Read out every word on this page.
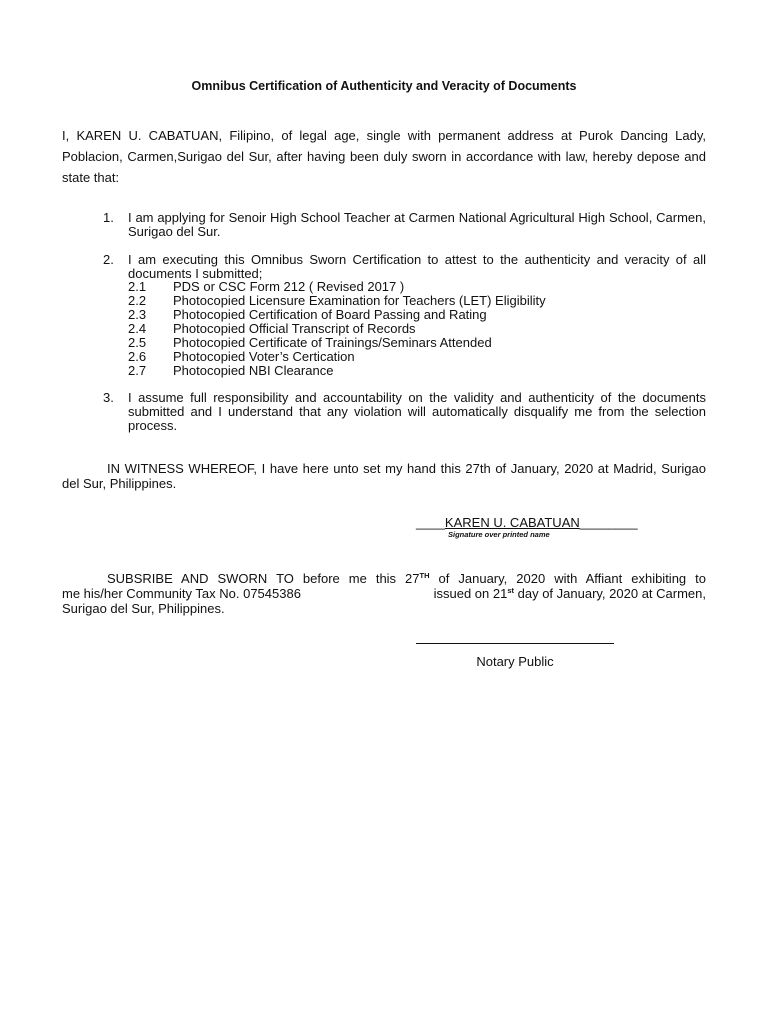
Omnibus Certification of Authenticity and Veracity of Documents
I, KAREN U. CABATUAN, Filipino, of legal age, single with permanent address at Purok Dancing Lady, Poblacion, Carmen,Surigao del Sur, after having been duly sworn in accordance with law, hereby depose and state that:
1.	I am applying for Senoir High School Teacher at Carmen National Agricultural High School, Carmen, Surigao del Sur.
2.	I am executing this Omnibus Sworn Certification to attest to the authenticity and veracity of all documents I submitted;
2.1 PDS or CSC Form 212 ( Revised 2017 )
2.2 Photocopied Licensure Examination for Teachers (LET) Eligibility
2.3 Photocopied Certification of Board Passing and Rating
2.4 Photocopied Official Transcript of Records
2.5 Photocopied Certificate of Trainings/Seminars Attended
2.6 Photocopied Voter’s Certication
2.7 Photocopied NBI Clearance
3.	I assume full responsibility and accountability on the validity and authenticity of the documents submitted and I understand that any violation will automatically disqualify me from the selection process.
IN WITNESS WHEREOF, I have here unto set my hand this 27th of January, 2020 at Madrid, Surigao del Sur, Philippines.
____KAREN U. CABATUAN________
Signature over printed name
SUBSRIBE AND SWORN TO before me this 27TH of January, 2020 with Affiant exhibiting to
me his/her Community Tax No. 07545386	issued on 21st day of January, 2020 at Carmen,
Surigao del Sur, Philippines.
Notary Public
